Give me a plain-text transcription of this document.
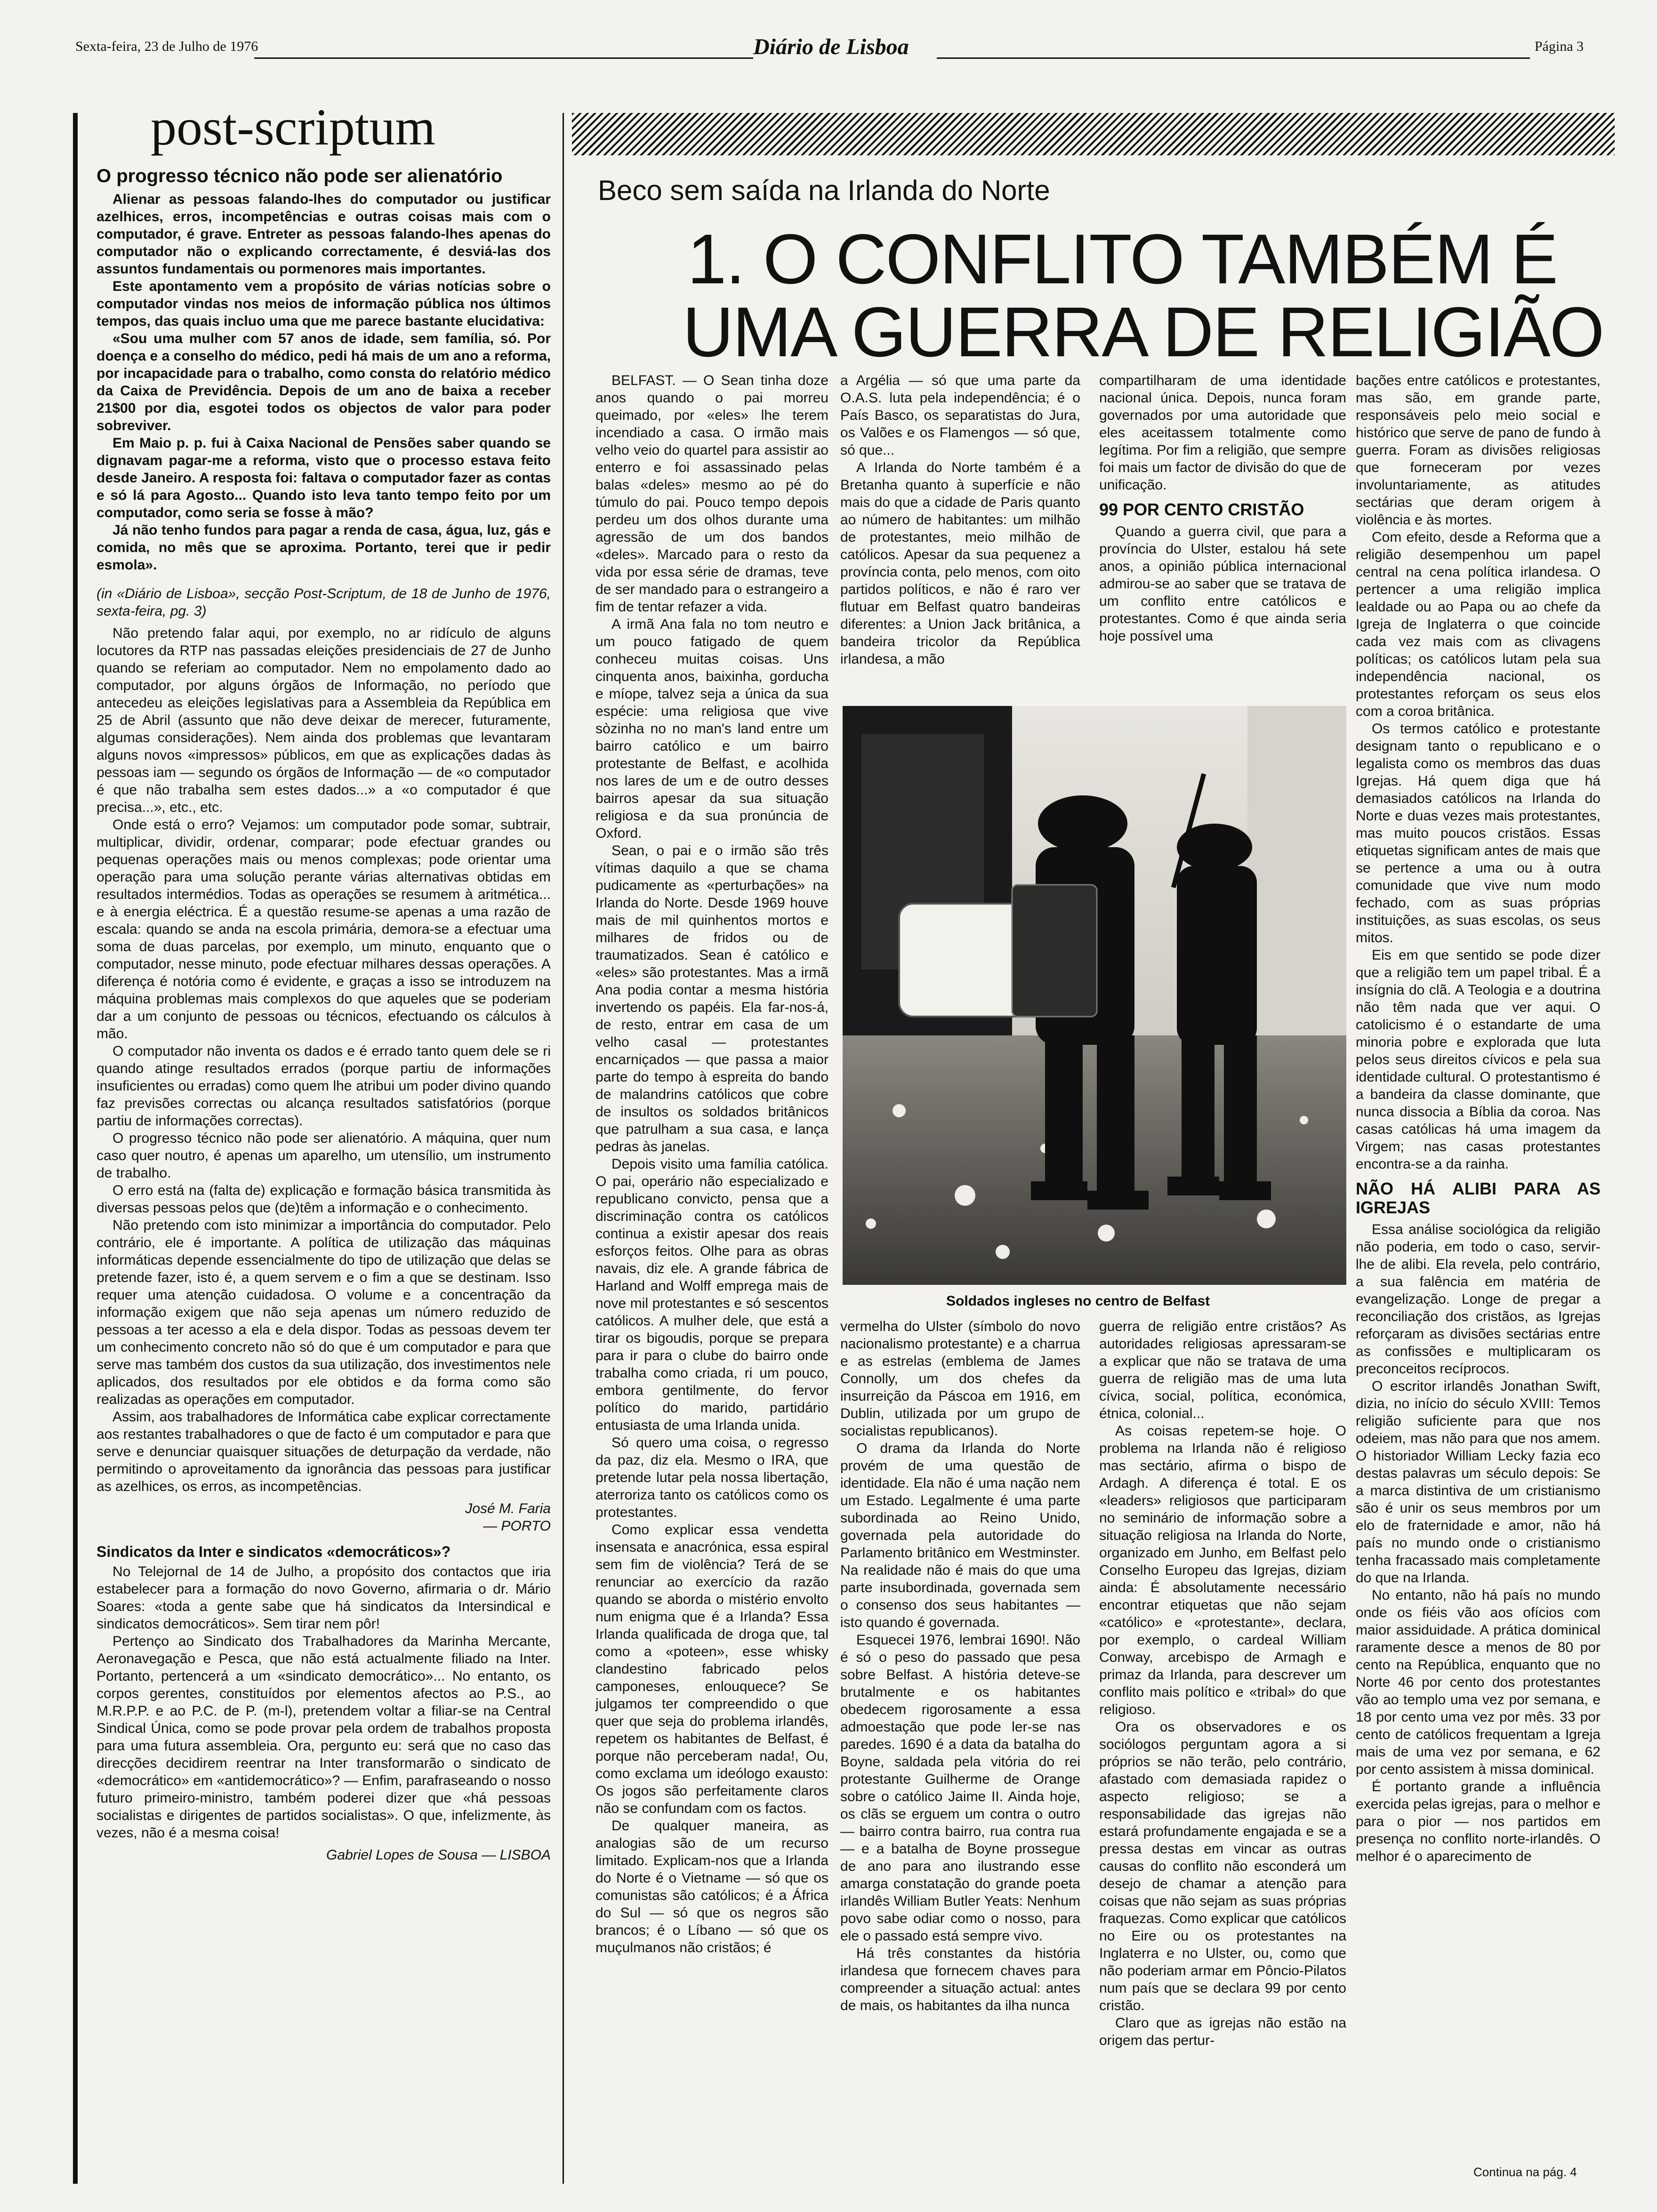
Sexta-feira, 23 de Julho de 1976	Diário de Lisboa	Página 3
post-scriptum
O progresso técnico não pode ser alienatório

Alienar as pessoas falando-lhes do computador ou justificar azelhices, erros, incompetências e outras coisas mais com o computador, é grave. Entreter as pessoas falando-lhes apenas do computador não o explicando correctamente, é desviá-las dos assuntos fundamentais ou pormenores mais importantes.

Este apontamento vem a propósito de várias notícias sobre o computador vindas nos meios de informação pública nos últimos tempos, das quais incluo uma que me parece bastante elucidativa:

«Sou uma mulher com 57 anos de idade, sem família, só. Por doença e a conselho do médico, pedi há mais de um ano a reforma, por incapacidade para o trabalho, como consta do relatório médico da Caixa de Previdência. Depois de um ano de baixa a receber 21$00 por dia, esgotei todos os objectos de valor para poder sobreviver.

Em Maio p. p. fui à Caixa Nacional de Pensões saber quando se dignavam pagar-me a reforma, visto que o processo estava feito desde Janeiro. A resposta foi: faltava o computador fazer as contas e só lá para Agosto... Quando isto leva tanto tempo feito por um computador, como seria se fosse à mão?

Já não tenho fundos para pagar a renda de casa, água, luz, gás e comida, no mês que se aproxima. Portanto, terei que ir pedir esmola».

(in «Diário de Lisboa», secção Post-Scriptum, de 18 de Junho de 1976, sexta-feira, pg. 3)

Não pretendo falar aqui, por exemplo, no ar ridículo de alguns locutores da RTP nas passadas eleições presidenciais de 27 de Junho quando se referiam ao computador. Nem no empolamento dado ao computador, por alguns órgãos de Informação, no período que antecedeu as eleições legislativas para a Assembleia da República em 25 de Abril (assunto que não deve deixar de merecer, futuramente, algumas considerações). Nem ainda dos problemas que levantaram alguns novos «impressos» públicos, em que as explicações dadas às pessoas iam — segundo os órgãos de Informação — de «o computador é que não trabalha sem estes dados...» a «o computador é que precisa...», etc., etc.

Onde está o erro? Vejamos: um computador pode somar, subtrair, multiplicar, dividir, ordenar, comparar; pode efectuar grandes ou pequenas operações mais ou menos complexas; pode orientar uma operação para uma solução perante várias alternativas obtidas em resultados intermédios. Todas as operações se resumem à aritmética... e à energia eléctrica. É a questão resume-se apenas a uma razão de escala: quando se anda na escola primária, demora-se a efectuar uma soma de duas parcelas, por exemplo, um minuto, enquanto que o computador, nesse minuto, pode efectuar milhares dessas operações. A diferença é notória como é evidente, e graças a isso se introduzem na máquina problemas mais complexos do que aqueles que se poderiam dar a um conjunto de pessoas ou técnicos, efectuando os cálculos à mão.

O computador não inventa os dados e é errado tanto quem dele se ri quando atinge resultados errados (porque partiu de informações insuficientes ou erradas) como quem lhe atribui um poder divino quando faz previsões correctas ou alcança resultados satisfatórios (porque partiu de informações correctas).

O progresso técnico não pode ser alienatório. A máquina, quer num caso quer noutro, é apenas um aparelho, um utensílio, um instrumento de trabalho.

O erro está na (falta de) explicação e formação básica transmitida às diversas pessoas pelos que (de)têm a informação e o conhecimento.

Não pretendo com isto minimizar a importância do computador. Pelo contrário, ele é importante. A política de utilização das máquinas informáticas depende essencialmente do tipo de utilização que delas se pretende fazer, isto é, a quem servem e o fim a que se destinam. Isso requer uma atenção cuidadosa. O volume e a concentração da informação exigem que não seja apenas um número reduzido de pessoas a ter acesso a ela e dela dispor. Todas as pessoas devem ter um conhecimento concreto não só do que é um computador e para que serve mas também dos custos da sua utilização, dos investimentos nele aplicados, dos resultados por ele obtidos e da forma como são realizadas as operações em computador.

Assim, aos trabalhadores de Informática cabe explicar correctamente aos restantes trabalhadores o que de facto é um computador e para que serve e denunciar quaisquer situações de deturpação da verdade, não permitindo o aproveitamento da ignorância das pessoas para justificar as azelhices, os erros, as incompetências.

José M. Faria
— PORTO
Sindicatos da Inter e sindicatos «democráticos»?

No Telejornal de 14 de Julho, a propósito dos contactos que iria estabelecer para a formação do novo Governo, afirmaria o dr. Mário Soares: «toda a gente sabe que há sindicatos da Intersindical e sindicatos democráticos». Sem tirar nem pôr!

Pertenço ao Sindicato dos Trabalhadores da Marinha Mercante, Aeronavegação e Pesca, que não está actualmente filiado na Inter. Portanto, pertencerá a um «sindicato democrático»... No entanto, os corpos gerentes, constituídos por elementos afectos ao P.S., ao M.R.P.P. e ao P.C. de P. (m-l), pretendem voltar a filiar-se na Central Sindical Única, como se pode provar pela ordem de trabalhos proposta para uma futura assembleia. Ora, pergunto eu: será que no caso das direcções decidirem reentrar na Inter transformarão o sindicato de «democrático» em «antidemocrático»? — Enfim, parafraseando o nosso futuro primeiro-ministro, também poderei dizer que «há pessoas socialistas e dirigentes de partidos socialistas». O que, infelizmente, às vezes, não é a mesma coisa!

Gabriel Lopes de Sousa — LISBOA
Beco sem saída na Irlanda do Norte
1. O CONFLITO TAMBÉM É
UMA GUERRA DE RELIGIÃO

BELFAST. — O Sean tinha doze anos quando o pai morreu queimado, por «eles» lhe terem incendiado a casa. O irmão mais velho veio do quartel para assistir ao enterro e foi assassinado pelas balas «deles» mesmo ao pé do túmulo do pai. Pouco tempo depois perdeu um dos olhos durante uma agressão de um dos bandos «deles». Marcado para o resto da vida por essa série de dramas, teve de ser mandado para o estrangeiro a fim de tentar refazer a vida.

A irmã Ana fala no tom neutro e um pouco fatigado de quem conheceu muitas coisas. Uns cinquenta anos, baixinha, gorducha e míope, talvez seja a única da sua espécie: uma religiosa que vive sòzinha no no man's land entre um bairro católico e um bairro protestante de Belfast, e acolhida nos lares de um e de outro desses bairros apesar da sua situação religiosa e da sua pronúncia de Oxford.

Sean, o pai e o irmão são três vítimas daquilo a que se chama pudicamente as «perturbações» na Irlanda do Norte. Desde 1969 houve mais de mil quinhentos mortos e milhares de fridos ou de traumatizados. Sean é católico e «eles» são protestantes. Mas a irmã Ana podia contar a mesma história invertendo os papéis. Ela far-nos-á, de resto, entrar em casa de um velho casal — protestantes encarniçados — que passa a maior parte do tempo à espreita do bando de malandrins católicos que cobre de insultos os soldados britânicos que patrulham a sua casa, e lança pedras às janelas.

Depois visito uma família católica. O pai, operário não especializado e republicano convicto, pensa que a discriminação contra os católicos continua a existir apesar dos reais esforços feitos. Olhe para as obras navais, diz ele. A grande fábrica de Harland and Wolff emprega mais de nove mil protestantes e só sescentos católicos. A mulher dele, que está a tirar os bigoudis, porque se prepara para ir para o clube do bairro onde trabalha como criada, ri um pouco, embora gentilmente, do fervor político do marido, partidário entusiasta de uma Irlanda unida.

Só quero uma coisa, o regresso da paz, diz ela. Mesmo o IRA, que pretende lutar pela nossa libertação, aterroriza tanto os católicos como os protestantes.

Como explicar essa vendetta insensata e anacrónica, essa espiral sem fim de violência? Terá de se renunciar ao exercício da razão quando se aborda o mistério envolto num enigma que é a Irlanda? Essa Irlanda qualificada de droga que, tal como a «poteen», esse whisky clandestino fabricado pelos camponeses, enlouquece? Se julgamos ter compreendido o que quer que seja do problema irlandês, repetem os habitantes de Belfast, é porque não perceberam nada!, Ou, como exclama um ideólogo exausto: Os jogos são perfeitamente claros não se confundam com os factos.

De qualquer maneira, as analogias são de um recurso limitado. Explicam-nos que a Irlanda do Norte é o Vietname — só que os comunistas são católicos; é a África do Sul — só que os negros são brancos; é o Líbano — só que os muçulmanos não cristãos; é

a Argélia — só que uma parte da O.A.S. luta pela independência; é o País Basco, os separatistas do Jura, os Valões e os Flamengos — só que, só que...

A Irlanda do Norte também é a Bretanha quanto à superfície e não mais do que a cidade de Paris quanto ao número de habitantes: um milhão de protestantes, meio milhão de católicos. Apesar da sua pequenez a província conta, pelo menos, com oito partidos políticos, e não é raro ver flutuar em Belfast quatro bandeiras diferentes: a Union Jack britânica, a bandeira tricolor da República irlandesa, a mão

compartilharam de uma identidade nacional única. Depois, nunca foram governados por uma autoridade que eles aceitassem totalmente como legítima. Por fim a religião, que sempre foi mais um factor de divisão do que de unificação.

99 POR CENTO CRISTÃO

Quando a guerra civil, que para a província do Ulster, estalou há sete anos, a opinião pública internacional admirou-se ao saber que se tratava de um conflito entre católicos e protestantes. Como é que ainda seria hoje possível uma

Soldados ingleses no centro de Belfast

vermelha do Ulster (símbolo do novo nacionalismo protestante) e a charrua e as estrelas (emblema de James Connolly, um dos chefes da insurreição da Páscoa em 1916, em Dublin, utilizada por um grupo de socialistas republicanos).

O drama da Irlanda do Norte provém de uma questão de identidade. Ela não é uma nação nem um Estado. Legalmente é uma parte subordinada ao Reino Unido, governada pela autoridade do Parlamento britânico em Westminster. Na realidade não é mais do que uma parte insubordinada, governada sem o consenso dos seus habitantes — isto quando é governada.

Esquecei 1976, lembrai 1690!. Não é só o peso do passado que pesa sobre Belfast. A história deteve-se brutalmente e os habitantes obedecem rigorosamente a essa admoestação que pode ler-se nas paredes. 1690 é a data da batalha do Boyne, saldada pela vitória do rei protestante Guilherme de Orange sobre o católico Jaime II. Ainda hoje, os clãs se erguem um contra o outro — bairro contra bairro, rua contra rua — e a batalha de Boyne prossegue de ano para ano ilustrando esse amarga constatação do grande poeta irlandês William Butler Yeats: Nenhum povo sabe odiar como o nosso, para ele o passado está sempre vivo.

Há três constantes da história irlandesa que fornecem chaves para compreender a situação actual: antes de mais, os habitantes da ilha nunca

guerra de religião entre cristãos? As autoridades religiosas apressaram-se a explicar que não se tratava de uma guerra de religião mas de uma luta cívica, social, política, económica, étnica, colonial...

As coisas repetem-se hoje. O problema na Irlanda não é religioso mas sectário, afirma o bispo de Ardagh. A diferença é total. E os «leaders» religiosos que participaram no seminário de informação sobre a situação religiosa na Irlanda do Norte, organizado em Junho, em Belfast pelo Conselho Europeu das Igrejas, diziam ainda: É absolutamente necessário encontrar etiquetas que não sejam «católico» e «protestante», declara, por exemplo, o cardeal William Conway, arcebispo de Armagh e primaz da Irlanda, para descrever um conflito mais político e «tribal» do que religioso.

Ora os observadores e os sociólogos perguntam agora a si próprios se não terão, pelo contrário, afastado com demasiada rapidez o aspecto religioso; se a responsabilidade das igrejas não estará profundamente engajada e se a pressa destas em vincar as outras causas do conflito não esconderá um desejo de chamar a atenção para coisas que não sejam as suas próprias fraquezas. Como explicar que católicos no Eire ou os protestantes na Inglaterra e no Ulster, ou, como que não poderiam armar em Pôncio-Pilatos num país que se declara 99 por cento cristão.

Claro que as igrejas não estão na origem das pertur-

bações entre católicos e protestantes, mas são, em grande parte, responsáveis pelo meio social e histórico que serve de pano de fundo à guerra. Foram as divisões religiosas que forneceram por vezes involuntariamente, as atitudes sectárias que deram origem à violência e às mortes.

Com efeito, desde a Reforma que a religião desempenhou um papel central na cena política irlandesa. O pertencer a uma religião implica lealdade ou ao Papa ou ao chefe da Igreja de Inglaterra o que coincide cada vez mais com as clivagens políticas; os católicos lutam pela sua independência nacional, os protestantes reforçam os seus elos com a coroa britânica.

Os termos católico e protestante designam tanto o republicano e o legalista como os membros das duas Igrejas. Há quem diga que há demasiados católicos na Irlanda do Norte e duas vezes mais protestantes, mas muito poucos cristãos. Essas etiquetas significam antes de mais que se pertence a uma ou à outra comunidade que vive num modo fechado, com as suas próprias instituições, as suas escolas, os seus mitos.

Eis em que sentido se pode dizer que a religião tem um papel tribal. É a insígnia do clã. A Teologia e a doutrina não têm nada que ver aqui. O catolicismo é o estandarte de uma minoria pobre e explorada que luta pelos seus direitos cívicos e pela sua identidade cultural. O protestantismo é a bandeira da classe dominante, que nunca dissocia a Bíblia da coroa. Nas casas católicas há uma imagem da Virgem; nas casas protestantes encontra-se a da rainha.

NÃO HÁ ALIBI PARA AS IGREJAS

Essa análise sociológica da religião não poderia, em todo o caso, servir-lhe de alibi. Ela revela, pelo contrário, a sua falência em matéria de evangelização. Longe de pregar a reconciliação dos cristãos, as Igrejas reforçaram as divisões sectárias entre as confissões e multiplicaram os preconceitos recíprocos.

O escritor irlandês Jonathan Swift, dizia, no início do século XVIII: Temos religião suficiente para que nos odeiem, mas não para que nos amem. O historiador William Lecky fazia eco destas palavras um século depois: Se a marca distintiva de um cristianismo são é unir os seus membros por um elo de fraternidade e amor, não há país no mundo onde o cristianismo tenha fracassado mais completamente do que na Irlanda.

No entanto, não há país no mundo onde os fiéis vão aos ofícios com maior assiduidade. A prática dominical raramente desce a menos de 80 por cento na República, enquanto que no Norte 46 por cento dos protestantes vão ao templo uma vez por semana, e 18 por cento uma vez por mês. 33 por cento de católicos frequentam a Igreja mais de uma vez por semana, e 62 por cento assistem à missa dominical.

É portanto grande a influência exercida pelas igrejas, para o melhor e para o pior — nos partidos em presença no conflito norte-irlandês. O melhor é o aparecimento de

Continua na pág. 4
